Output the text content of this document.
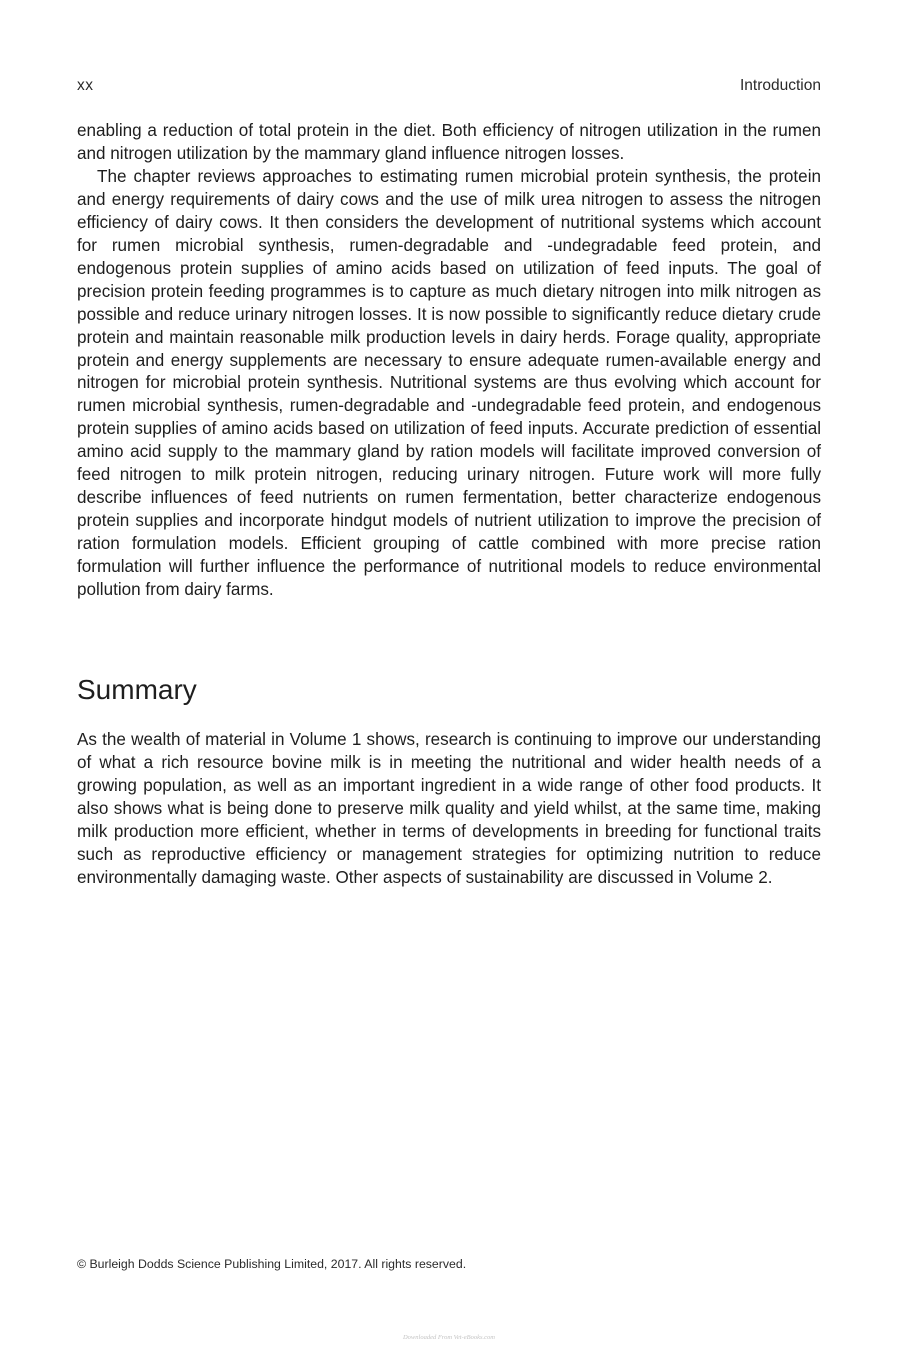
xx	Introduction

enabling a reduction of total protein in the diet. Both efficiency of nitrogen utilization in the rumen and nitrogen utilization by the mammary gland influence nitrogen losses.

The chapter reviews approaches to estimating rumen microbial protein synthesis, the protein and energy requirements of dairy cows and the use of milk urea nitrogen to assess the nitrogen efficiency of dairy cows. It then considers the development of nutritional systems which account for rumen microbial synthesis, rumen-degradable and -undegradable feed protein, and endogenous protein supplies of amino acids based on utilization of feed inputs. The goal of precision protein feeding programmes is to capture as much dietary nitrogen into milk nitrogen as possible and reduce urinary nitrogen losses. It is now possible to significantly reduce dietary crude protein and maintain reasonable milk production levels in dairy herds. Forage quality, appropriate protein and energy supplements are necessary to ensure adequate rumen-available energy and nitrogen for microbial protein synthesis. Nutritional systems are thus evolving which account for rumen microbial synthesis, rumen-degradable and -undegradable feed protein, and endogenous protein supplies of amino acids based on utilization of feed inputs. Accurate prediction of essential amino acid supply to the mammary gland by ration models will facilitate improved conversion of feed nitrogen to milk protein nitrogen, reducing urinary nitrogen. Future work will more fully describe influences of feed nutrients on rumen fermentation, better characterize endogenous protein supplies and incorporate hindgut models of nutrient utilization to improve the precision of ration formulation models. Efficient grouping of cattle combined with more precise ration formulation will further influence the performance of nutritional models to reduce environmental pollution from dairy farms.

Summary

As the wealth of material in Volume 1 shows, research is continuing to improve our understanding of what a rich resource bovine milk is in meeting the nutritional and wider health needs of a growing population, as well as an important ingredient in a wide range of other food products. It also shows what is being done to preserve milk quality and yield whilst, at the same time, making milk production more efficient, whether in terms of developments in breeding for functional traits such as reproductive efficiency or management strategies for optimizing nutrition to reduce environmentally damaging waste. Other aspects of sustainability are discussed in Volume 2.

© Burleigh Dodds Science Publishing Limited, 2017. All rights reserved.
Downloaded From Vet-eBooks.com
